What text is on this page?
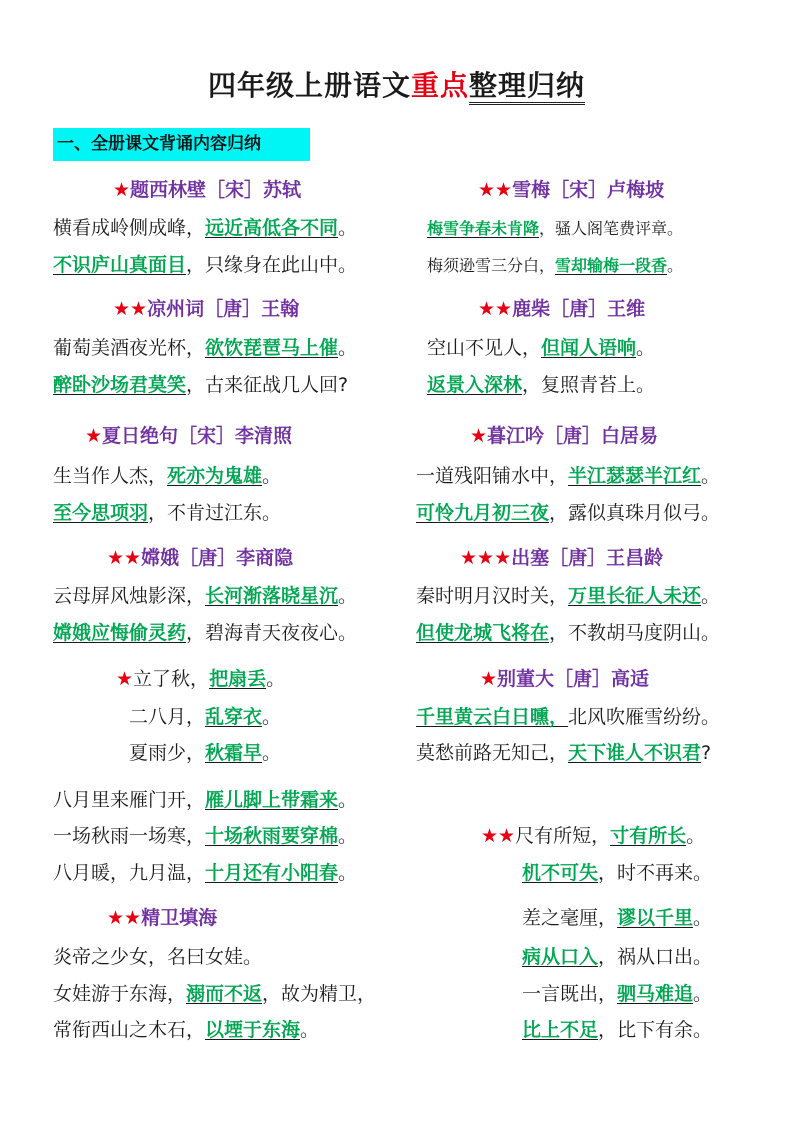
四年级上册语文重点整理归纳
一、全册课文背诵内容归纳
★题西林壁［宋］苏轼
横看成岭侧成峰，远近高低各不同。
不识庐山真面目，只缘身在此山中。
★★雪梅［宋］卢梅坡
梅雪争春未肯降，骚人阁笔费评章。
梅须逊雪三分白，雪却输梅一段香。
★★凉州词［唐］王翰
葡萄美酒夜光杯，欲饮琵琶马上催。
醉卧沙场君莫笑，古来征战几人回?
★★鹿柴［唐］王维
空山不见人，但闻人语响。
返景入深林，复照青苔上。
★夏日绝句［宋］李清照
生当作人杰，死亦为鬼雄。
至今思项羽，不肯过江东。
★暮江吟［唐］白居易
一道残阳铺水中，半江瑟瑟半江红。
可怜九月初三夜，露似真珠月似弓。
★★嫦娥［唐］李商隐
云母屏风烛影深，长河渐落晓星沉。
嫦娥应悔偷灵药，碧海青天夜夜心。
★★★出塞［唐］王昌龄
秦时明月汉时关，万里长征人未还。
但使龙城飞将在，不教胡马度阴山。
★立了秋，把扇丢。
二八月，乱穿衣。
夏雨少，秋霜早。
★别董大［唐］高适
千里黄云白日曛，北风吹雁雪纷纷。
莫愁前路无知己，天下谁人不识君?
八月里来雁门开，雁儿脚上带霜来。
一场秋雨一场寒，十场秋雨要穿棉。
八月暖，九月温，十月还有小阳春。
★★尺有所短，寸有所长。
机不可失，时不再来。
★★精卫填海
炎帝之少女，名曰女娃。
女娃游于东海，溺而不返，故为精卫，
常衔西山之木石，以堙于东海。
差之毫厘，谬以千里。
病从口入，祸从口出。
一言既出，驷马难追。
比上不足，比下有余。
